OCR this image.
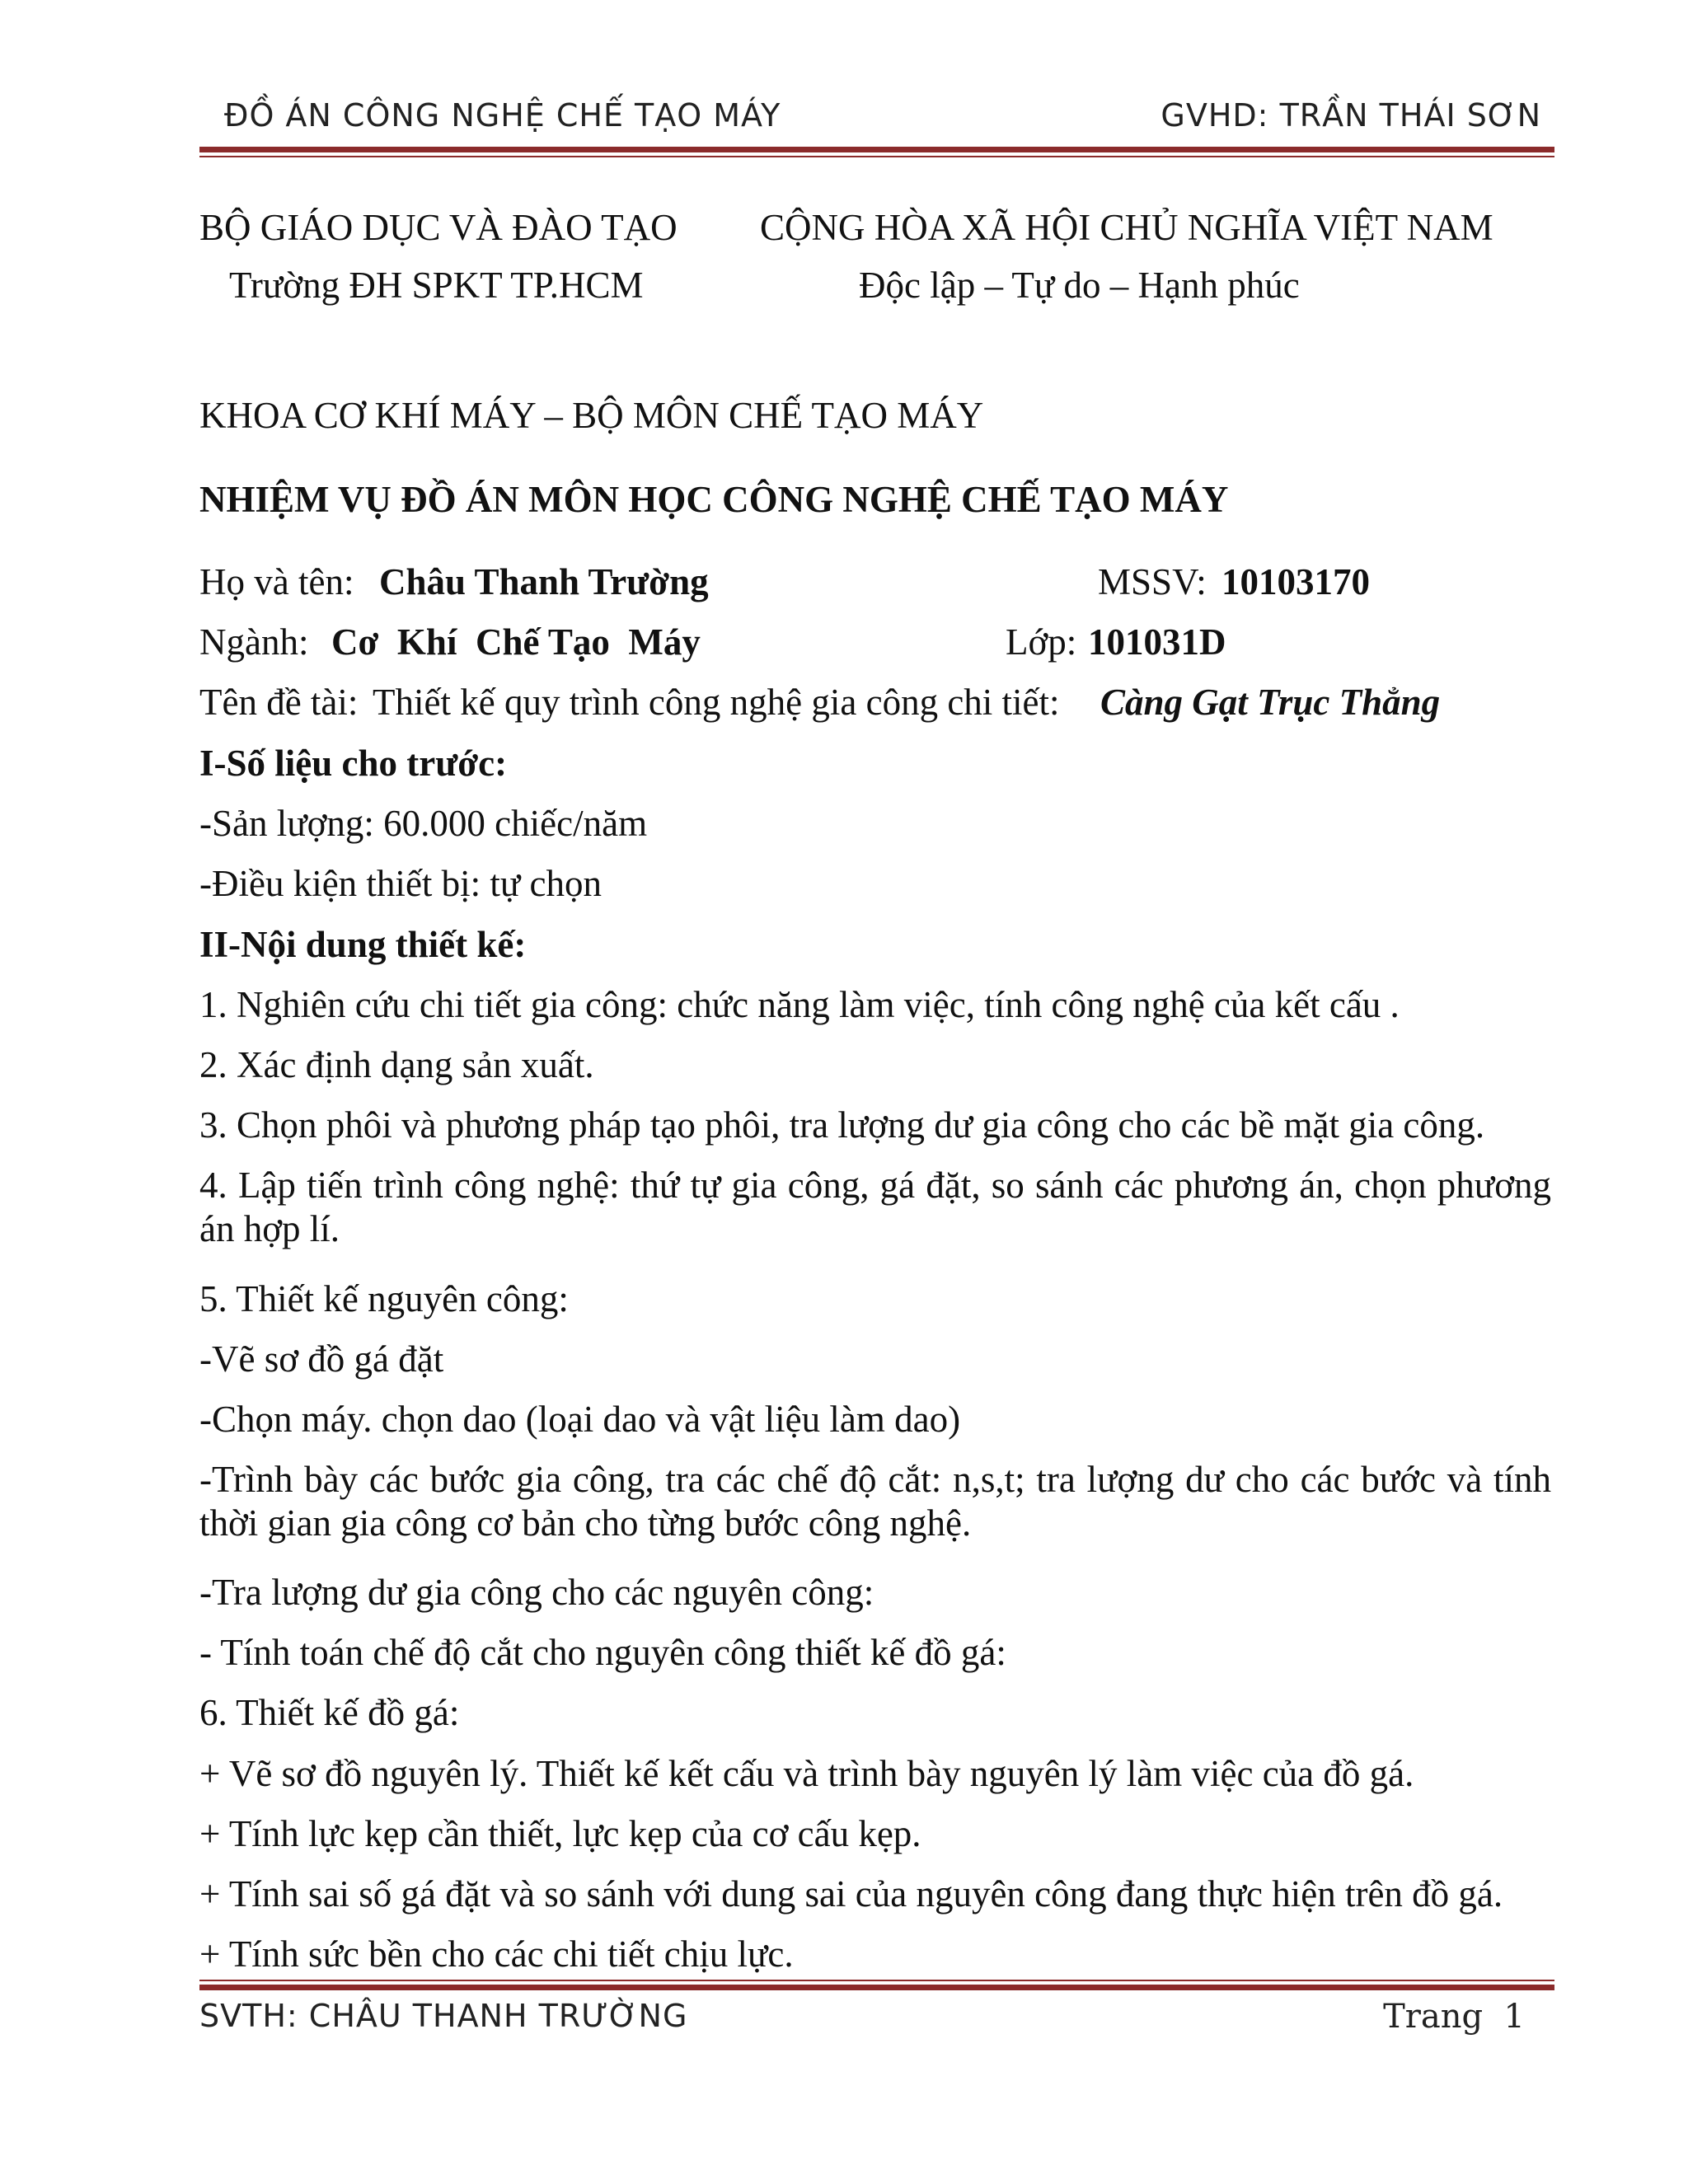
ĐỒ ÁN CÔNG NGHỆ CHẾ TẠO MÁY	GVHD: TRẦN THÁI SƠN
BỘ GIÁO DỤC VÀ ĐÀO TẠO CỘNG HÒA XÃ HỘI CHỦ NGHĨA VIỆT NAM
Trường ĐH SPKT TP.HCM	Độc lập – Tự do – Hạnh phúc
KHOA CƠ KHÍ MÁY – BỘ MÔN CHẾ TẠO MÁY
NHIỆM VỤ ĐỒ ÁN MÔN HỌC CÔNG NGHỆ CHẾ TẠO MÁY
Họ và tên: Châu Thanh Trường	MSSV: 10103170
Ngành: Cơ  Khí  Chế Tạo  Máy	Lớp: 101031D
Tên đề tài: Thiết kế quy trình công nghệ gia công chi tiết: Càng Gạt Trục Thẳng
I-Số liệu cho trước:
-Sản lượng: 60.000 chiếc/năm
-Điều kiện thiết bị: tự chọn
II-Nội dung thiết kế:
1. Nghiên cứu chi tiết gia công: chức năng làm việc, tính công nghệ của kết cấu .
2. Xác định dạng sản xuất.
3. Chọn phôi và phương pháp tạo phôi, tra lượng dư gia công cho các bề mặt gia công.

4. Lập tiến trình công nghệ: thứ tự gia công, gá đặt, so sánh các phương án, chọn phương án hợp lí.

5. Thiết kế nguyên công:
-Vẽ sơ đồ gá đặt
-Chọn máy. chọn dao (loại dao và vật liệu làm dao)

-Trình bày các bước gia công, tra các chế độ cắt: n,s,t; tra lượng dư cho các bước và tính thời gian gia công cơ bản cho từng bước công nghệ.

-Tra lượng dư gia công cho các nguyên công:
- Tính toán chế độ cắt cho nguyên công thiết kế đồ gá:
6. Thiết kế đồ gá:
+ Vẽ sơ đồ nguyên lý. Thiết kế kết cấu và trình bày nguyên lý làm việc của đồ gá.
+ Tính lực kẹp cần thiết, lực kẹp của cơ cấu kẹp.
+ Tính sai số gá đặt và so sánh với dung sai của nguyên công đang thực hiện trên đồ gá.
+ Tính sức bền cho các chi tiết chịu lực.
SVTH: CHÂU THANH TRƯỜNG	Trang  1
